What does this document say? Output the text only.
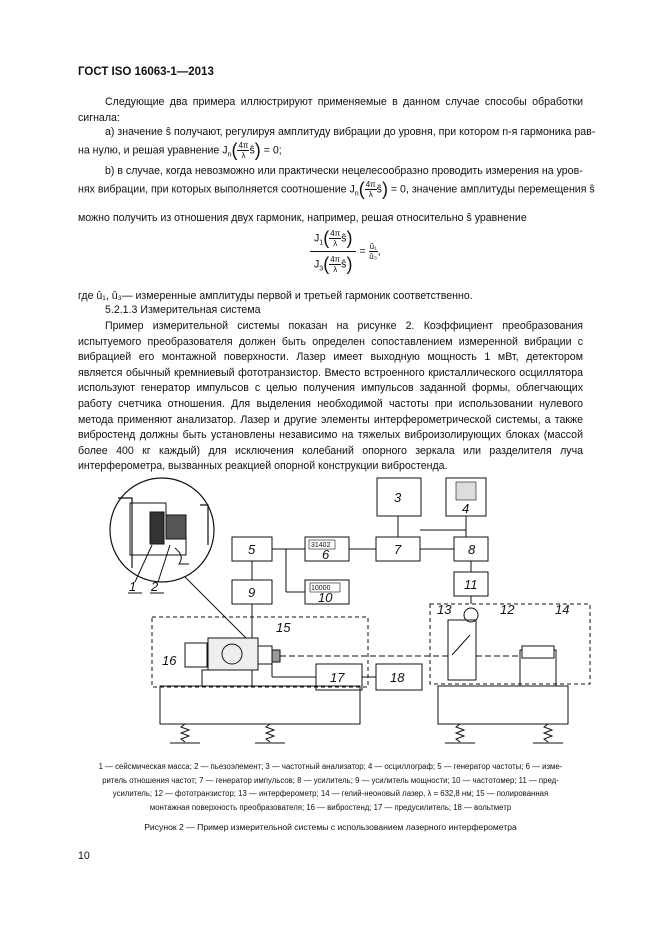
ГОСТ ISO 16063-1—2013
Следующие два примера иллюстрируют применяемые в данном случае способы обработки сигнала:
а) значение ŝ получают, регулируя амплитуду вибрации до уровня, при котором n-я гармоника рав-
на нулю, и решая уравнение $J_n( \frac{4\pi}{\lambda}$ ŝ) = 0;
b) в случае, когда невозможно или практически нецелесообразно проводить измерения на уров-
нях вибрации, при которых выполняется соотношение $J_n( \frac{4\pi}{\lambda}$ ŝ) = 0, значение амплитуды перемещения ŝ
можно получить из отношения двух гармоник, например, решая относительно ŝ уравнение
$J_1( \frac{4\pi}{\lambda}$ ŝ)
$J_3( \frac{4\pi}{\lambda}$ ŝ)
= $\frac{\text{û₁}}{\text{û₃}}$ ,
где û₁, û₃— измеренные амплитуды первой и третьей гармоник соответственно.
5.2.1.3 Измерительная система
Пример измерительной системы показан на рисунке 2. Коэффициент преобразования испытуемого преобразователя должен быть определен сопоставлением измеренной вибрации с вибрацией его монтажной поверхности. Лазер имеет выходную мощность 1 мВт, детектором является обычный кремниевый фототранзистор. Вместо встроенного кристаллического осциллятора используют генератор импульсов с целью получения импульсов заданной формы, облегчающих работу счетчика отношения. Для выделения необходимой частоты при использовании нулевого метода применяют анализатор. Лазер и другие элементы интерферометрической системы, а также вибростенд должны быть установлены независимо на тяжелых виброизолирующих блоках (массой более 400 кг каждый) для исключения колебаний опорного зеркала или разделителя луча интерферометра, вызванных реакцией опорной конструкции вибростенда.
3
4
5	6	7	8
9	10
11
12
13	14
15
16
17	18
1 2
31402
10000
1 — сейсмическая масса; 2 — пьезоэлемент; 3 — частотный анализатор; 4 — осциллограф; 5 — генератор частоты; 6 — изме-
ритель отношения частот; 7 — генератор импульсов; 8 — усилитель; 9 — усилитель мощности; 10 — частотомер; 11 — пред-
усилитель; 12 — фототранзистор; 13 — интерферометр; 14 — гелий-неоновый лазер, λ = 632,8 нм; 15 — полированная
монтажная поверхность преобразователя; 16 — вибростенд; 17 — предусилитель; 18 — вольтметр
Рисунок 2 — Пример измерительной системы с использованием лазерного интерферометра
10
